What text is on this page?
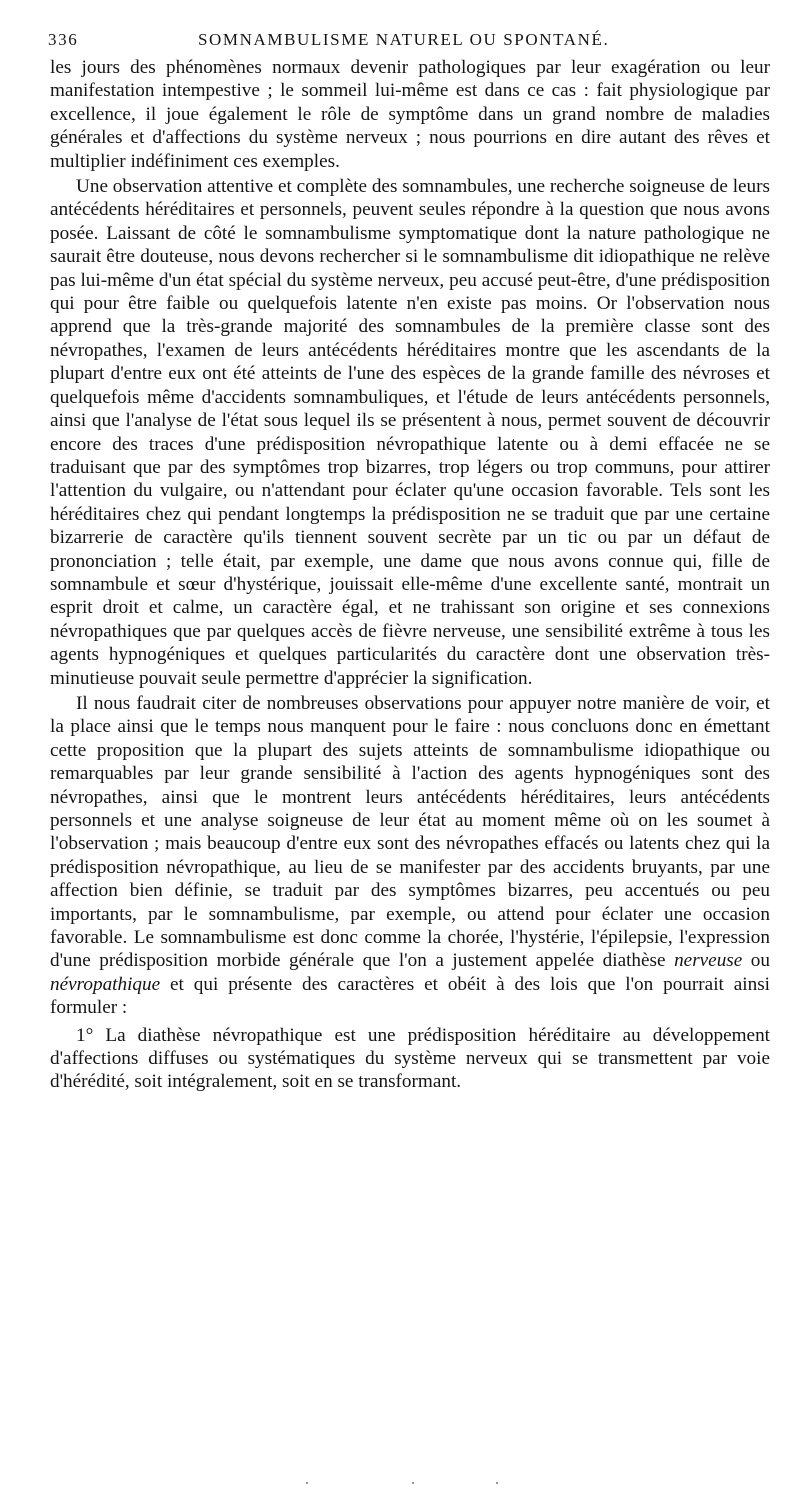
336	SOMNAMBULISME NATUREL OU SPONTANÉ.

les jours des phénomènes normaux devenir pathologiques par leur exagération ou leur manifestation intempestive ; le sommeil lui-même est dans ce cas : fait physiologique par excellence, il joue également le rôle de symptôme dans un grand nombre de maladies générales et d'affections du système nerveux ; nous pourrions en dire autant des rêves et multiplier indéfiniment ces exemples.

Une observation attentive et complète des somnambules, une recherche soigneuse de leurs antécédents héréditaires et personnels, peuvent seules répondre à la question que nous avons posée. Laissant de côté le somnambulisme symptomatique dont la nature pathologique ne saurait être douteuse, nous devons rechercher si le somnambulisme dit idiopathique ne relève pas lui-même d'un état spécial du système nerveux, peu accusé peut-être, d'une prédisposition qui pour être faible ou quelquefois latente n'en existe pas moins. Or l'observation nous apprend que la très-grande majorité des somnambules de la première classe sont des névropathes, l'examen de leurs antécédents héréditaires montre que les ascendants de la plupart d'entre eux ont été atteints de l'une des espèces de la grande famille des névroses et quelquefois même d'accidents somnambuliques, et l'étude de leurs antécédents personnels, ainsi que l'analyse de l'état sous lequel ils se présentent à nous, permet souvent de découvrir encore des traces d'une prédisposition névropathique latente ou à demi effacée ne se traduisant que par des symptômes trop bizarres, trop légers ou trop communs, pour attirer l'attention du vulgaire, ou n'attendant pour éclater qu'une occasion favorable. Tels sont les héréditaires chez qui pendant longtemps la prédisposition ne se traduit que par une certaine bizarrerie de caractère qu'ils tiennent souvent secrète par un tic ou par un défaut de prononciation ; telle était, par exemple, une dame que nous avons connue qui, fille de somnambule et sœur d'hystérique, jouissait elle-même d'une excellente santé, montrait un esprit droit et calme, un caractère égal, et ne trahissant son origine et ses connexions névropathiques que par quelques accès de fièvre nerveuse, une sensibilité extrême à tous les agents hypnogéniques et quelques particularités du caractère dont une observation très-minutieuse pouvait seule permettre d'apprécier la signification.

Il nous faudrait citer de nombreuses observations pour appuyer notre manière de voir, et la place ainsi que le temps nous manquent pour le faire : nous concluons donc en émettant cette proposition que la plupart des sujets atteints de somnambulisme idiopathique ou remarquables par leur grande sensibilité à l'action des agents hypnogéniques sont des névropathes, ainsi que le montrent leurs antécédents héréditaires, leurs antécédents personnels et une analyse soigneuse de leur état au moment même où on les soumet à l'observation ; mais beaucoup d'entre eux sont des névropathes effacés ou latents chez qui la prédisposition névropathique, au lieu de se manifester par des accidents bruyants, par une affection bien définie, se traduit par des symptômes bizarres, peu accentués ou peu importants, par le somnambulisme, par exemple, ou attend pour éclater une occasion favorable. Le somnambulisme est donc comme la chorée, l'hystérie, l'épilepsie, l'expression d'une prédisposition morbide générale que l'on a justement appelée diathèse nerveuse ou névropathique et qui présente des caractères et obéit à des lois que l'on pourrait ainsi formuler :

1° La diathèse névropathique est une prédisposition héréditaire au développement d'affections diffuses ou systématiques du système nerveux qui se transmettent par voie d'hérédité, soit intégralement, soit en se transformant.
